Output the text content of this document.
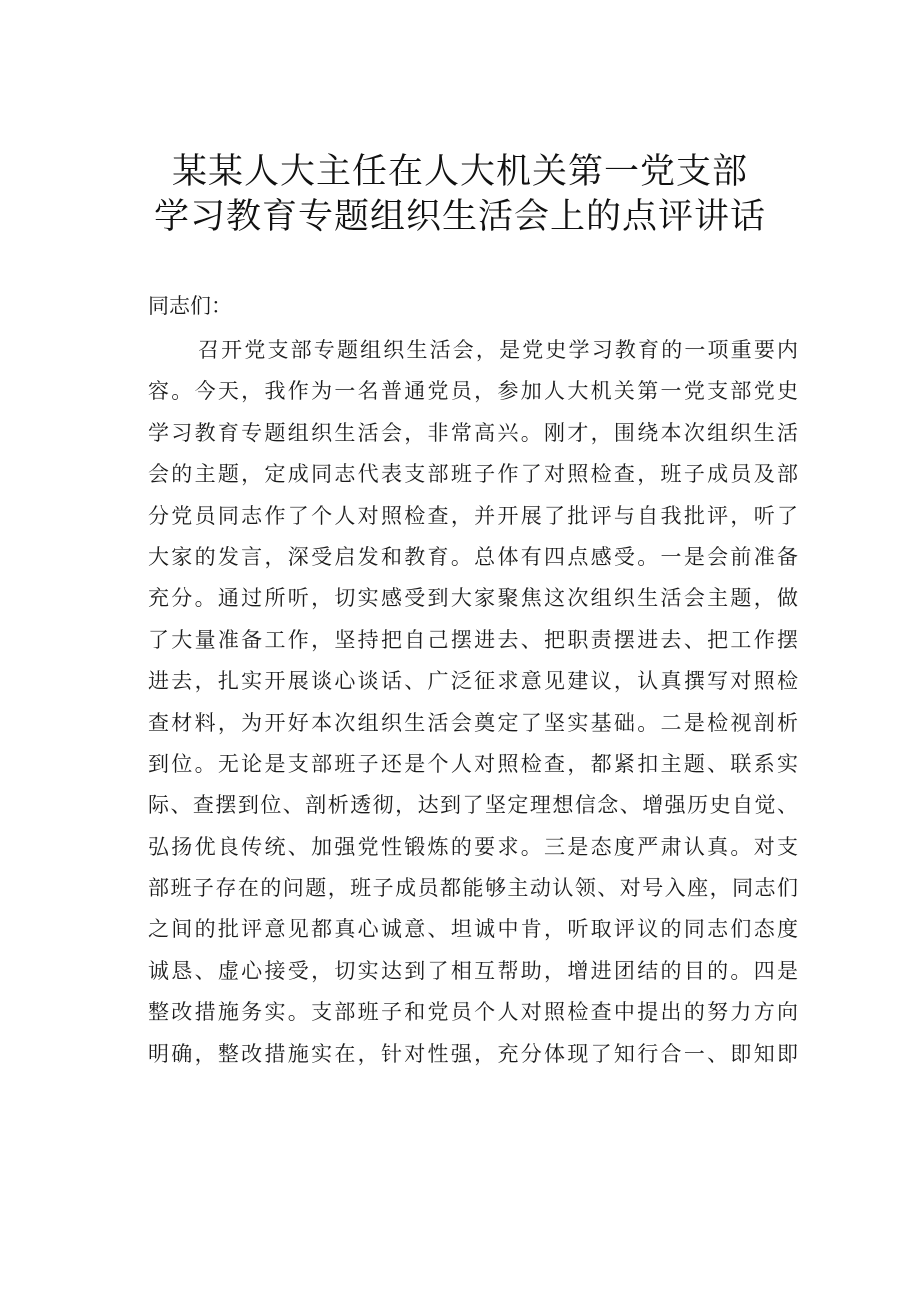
某某人大主任在人大机关第一党支部
学习教育专题组织生活会上的点评讲话
同志们：
召开党支部专题组织生活会，是党史学习教育的一项重要内
容。今天，我作为一名普通党员，参加人大机关第一党支部党史
学习教育专题组织生活会，非常高兴。刚才，围绕本次组织生活
会的主题，定成同志代表支部班子作了对照检查，班子成员及部
分党员同志作了个人对照检查，并开展了批评与自我批评，听了
大家的发言，深受启发和教育。总体有四点感受。一是会前准备
充分。通过所听，切实感受到大家聚焦这次组织生活会主题，做
了大量准备工作，坚持把自己摆进去、把职责摆进去、把工作摆
进去，扎实开展谈心谈话、广泛征求意见建议，认真撰写对照检
查材料，为开好本次组织生活会奠定了坚实基础。二是检视剖析
到位。无论是支部班子还是个人对照检查，都紧扣主题、联系实
际、查摆到位、剖析透彻，达到了坚定理想信念、增强历史自觉、
弘扬优良传统、加强党性锻炼的要求。三是态度严肃认真。对支
部班子存在的问题，班子成员都能够主动认领、对号入座，同志们
之间的批评意见都真心诚意、坦诚中肯，听取评议的同志们态度
诚恳、虚心接受，切实达到了相互帮助，增进团结的目的。四是
整改措施务实。支部班子和党员个人对照检查中提出的努力方向
明确，整改措施实在，针对性强，充分体现了知行合一、即知即
